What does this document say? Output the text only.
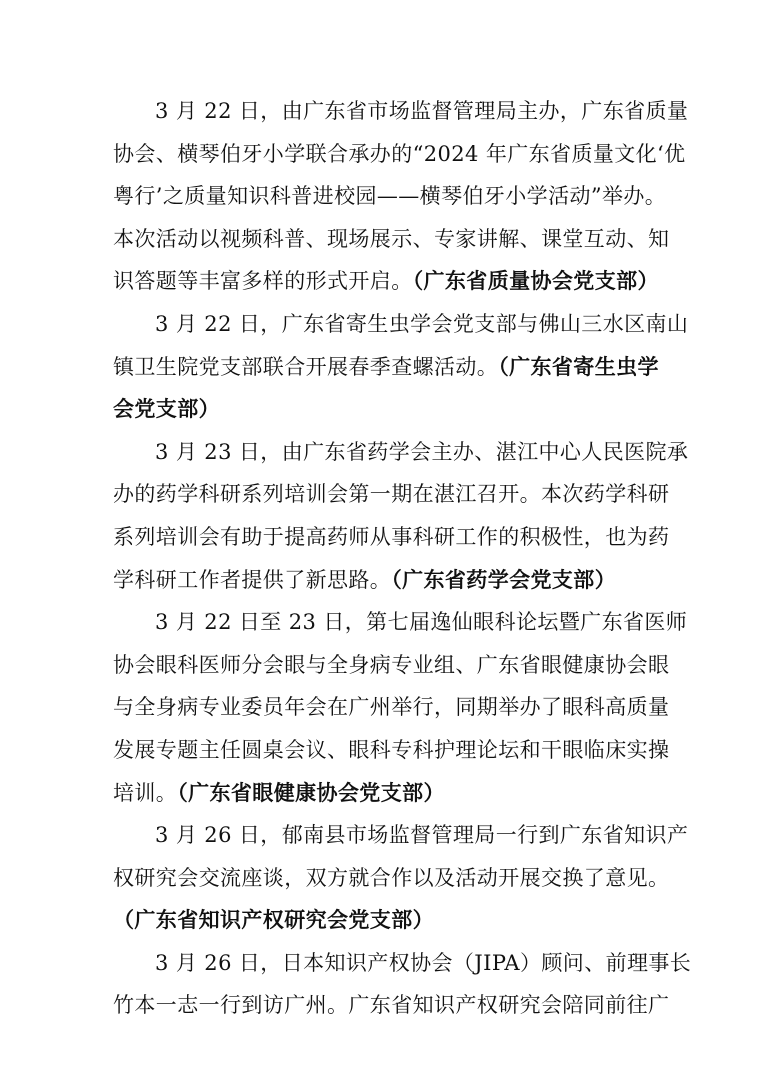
3 月 22 日，由广东省市场监督管理局主办，广东省质量
协会、横琴伯牙小学联合承办的“2024 年广东省质量文化‘优
粤行’之质量知识科普进校园——横琴伯牙小学活动”举办。
本次活动以视频科普、现场展示、专家讲解、课堂互动、知
识答题等丰富多样的形式开启。（广东省质量协会党支部）
3 月 22 日，广东省寄生虫学会党支部与佛山三水区南山
镇卫生院党支部联合开展春季查螺活动。（广东省寄生虫学
会党支部）
3 月 23 日，由广东省药学会主办、湛江中心人民医院承
办的药学科研系列培训会第一期在湛江召开。本次药学科研
系列培训会有助于提高药师从事科研工作的积极性，也为药
学科研工作者提供了新思路。（广东省药学会党支部）
3 月 22 日至 23 日，第七届逸仙眼科论坛暨广东省医师
协会眼科医师分会眼与全身病专业组、广东省眼健康协会眼
与全身病专业委员年会在广州举行，同期举办了眼科高质量
发展专题主任圆桌会议、眼科专科护理论坛和干眼临床实操
培训。（广东省眼健康协会党支部）
3 月 26 日，郁南县市场监督管理局一行到广东省知识产
权研究会交流座谈，双方就合作以及活动开展交换了意见。
（广东省知识产权研究会党支部）
3 月 26 日，日本知识产权协会（JIPA）顾问、前理事长
竹本一志一行到访广州。广东省知识产权研究会陪同前往广
